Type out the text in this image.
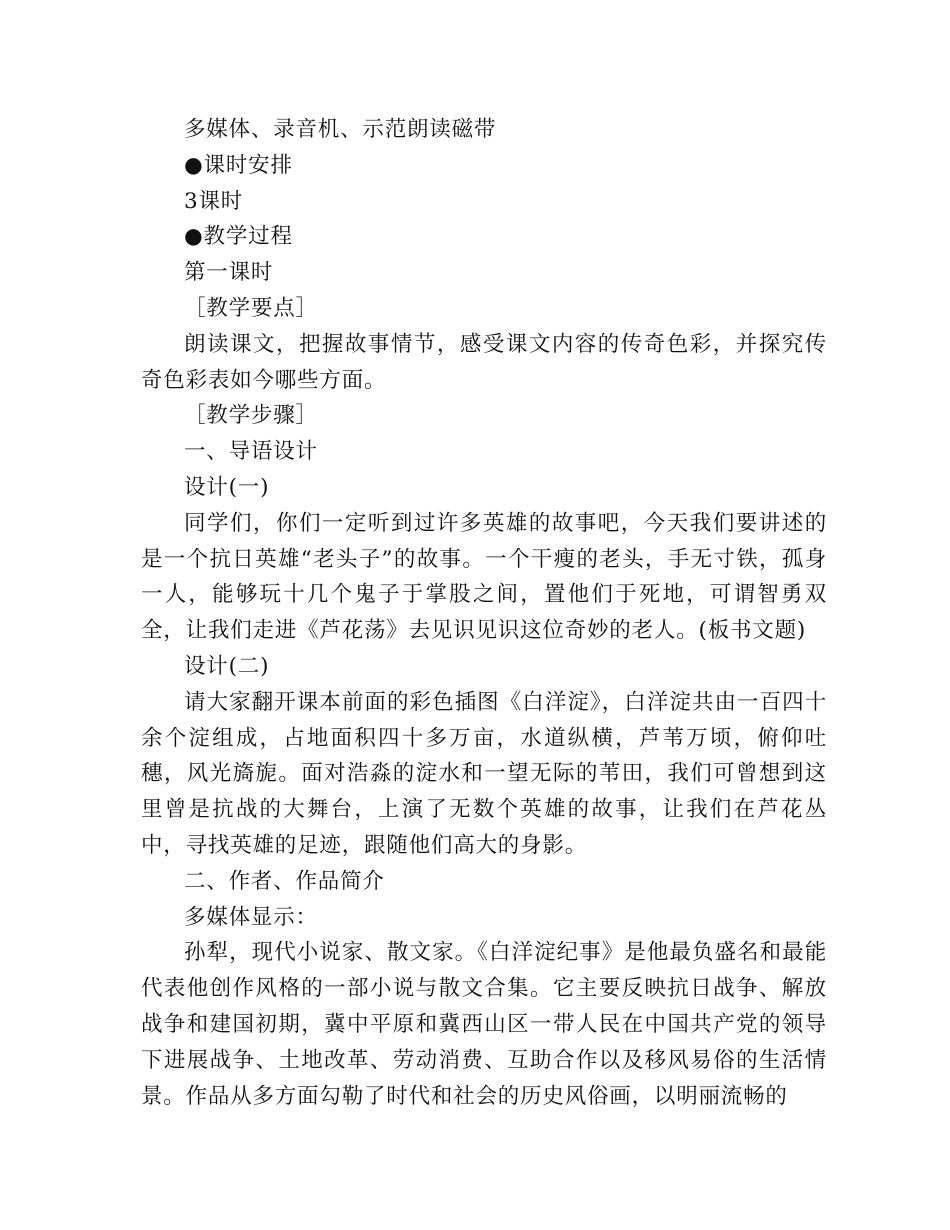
多媒体、录音机、示范朗读磁带

●课时安排

3课时

●教学过程

第一课时

［教学要点］

朗读课文，把握故事情节，感受课文内容的传奇色彩，并探究传奇色彩表如今哪些方面。

［教学步骤］

一、导语设计

设计(一)

同学们，你们一定听到过许多英雄的故事吧，今天我们要讲述的是一个抗日英雄“老头子”的故事。一个干瘦的老头，手无寸铁，孤身一人，能够玩十几个鬼子于掌股之间，置他们于死地，可谓智勇双全，让我们走进《芦花荡》去见识见识这位奇妙的老人。(板书文题)

设计(二)

请大家翻开课本前面的彩色插图《白洋淀》，白洋淀共由一百四十余个淀组成，占地面积四十多万亩，水道纵横，芦苇万顷，俯仰吐穗，风光旖旎。面对浩淼的淀水和一望无际的苇田，我们可曾想到这里曾是抗战的大舞台，上演了无数个英雄的故事，让我们在芦花丛中，寻找英雄的足迹，跟随他们高大的身影。

二、作者、作品简介

多媒体显示：

孙犁，现代小说家、散文家。《白洋淀纪事》是他最负盛名和最能代表他创作风格的一部小说与散文合集。它主要反映抗日战争、解放战争和建国初期，冀中平原和冀西山区一带人民在中国共产党的领导下进展战争、土地改革、劳动消费、互助合作以及移风易俗的生活情景。作品从多方面勾勒了时代和社会的历史风俗画，以明丽流畅的
